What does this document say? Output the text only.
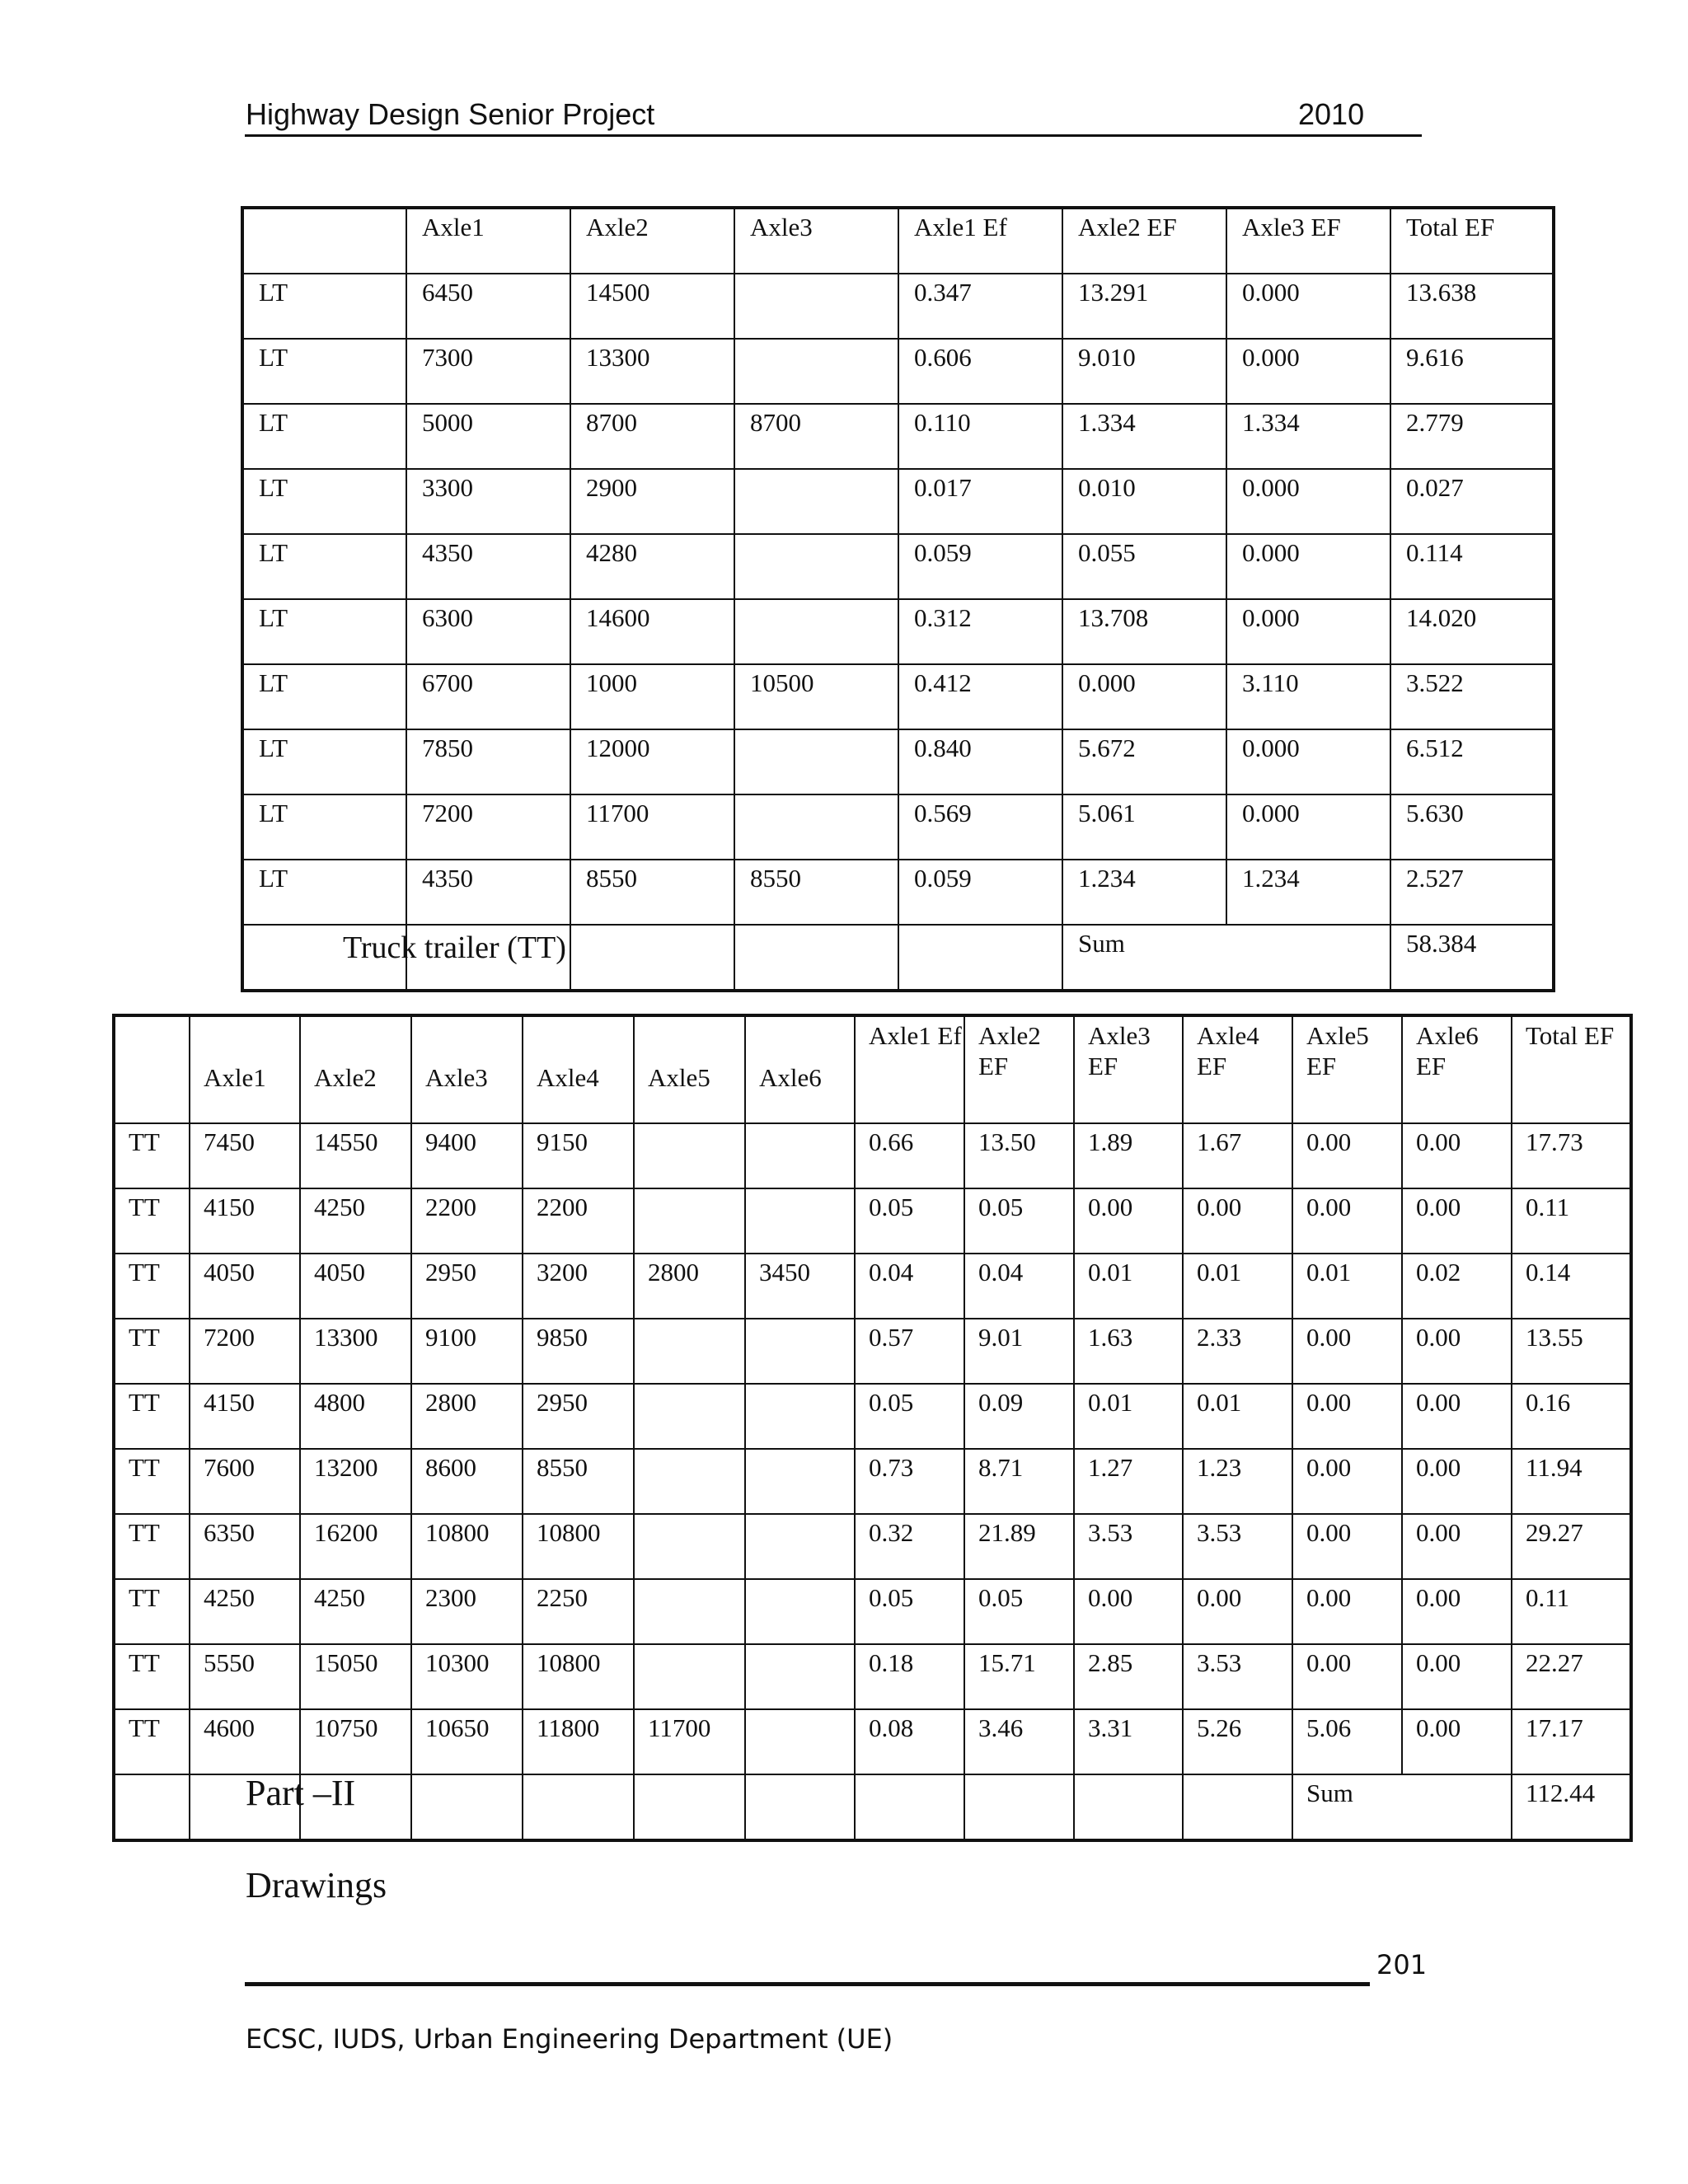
Highway Design Senior Project	2010
	Axle1	Axle2	Axle3	Axle1 Ef	Axle2 EF	Axle3 EF	Total EF
LT	6450	14500		0.347	13.291	0.000	13.638
LT	7300	13300		0.606	9.010	0.000	9.616
LT	5000	8700	8700	0.110	1.334	1.334	2.779
LT	3300	2900		0.017	0.010	0.000	0.027
LT	4350	4280		0.059	0.055	0.000	0.114
LT	6300	14600		0.312	13.708	0.000	14.020
LT	6700	1000	10500	0.412	0.000	3.110	3.522
LT	7850	12000		0.840	5.672	0.000	6.512
LT	7200	11700		0.569	5.061	0.000	5.630
LT	4350	8550	8550	0.059	1.234	1.234	2.527
					Sum		58.384
Truck trailer (TT)
	Axle1	Axle2	Axle3	Axle4	Axle5	Axle6	Axle1 Ef	Axle2 EF	Axle3 EF	Axle4 EF	Axle5 EF	Axle6 EF	Total EF
TT	7450	14550	9400	9150			0.66	13.50	1.89	1.67	0.00	0.00	17.73
TT	4150	4250	2200	2200			0.05	0.05	0.00	0.00	0.00	0.00	0.11
TT	4050	4050	2950	3200	2800	3450	0.04	0.04	0.01	0.01	0.01	0.02	0.14
TT	7200	13300	9100	9850			0.57	9.01	1.63	2.33	0.00	0.00	13.55
TT	4150	4800	2800	2950			0.05	0.09	0.01	0.01	0.00	0.00	0.16
TT	7600	13200	8600	8550			0.73	8.71	1.27	1.23	0.00	0.00	11.94
TT	6350	16200	10800	10800			0.32	21.89	3.53	3.53	0.00	0.00	29.27
TT	4250	4250	2300	2250			0.05	0.05	0.00	0.00	0.00	0.00	0.11
TT	5550	15050	10300	10800			0.18	15.71	2.85	3.53	0.00	0.00	22.27
TT	4600	10750	10650	11800	11700		0.08	3.46	3.31	5.26	5.06	0.00	17.17
											Sum		112.44
Part –II
Drawings
201
ECSC, IUDS, Urban Engineering Department (UE)
